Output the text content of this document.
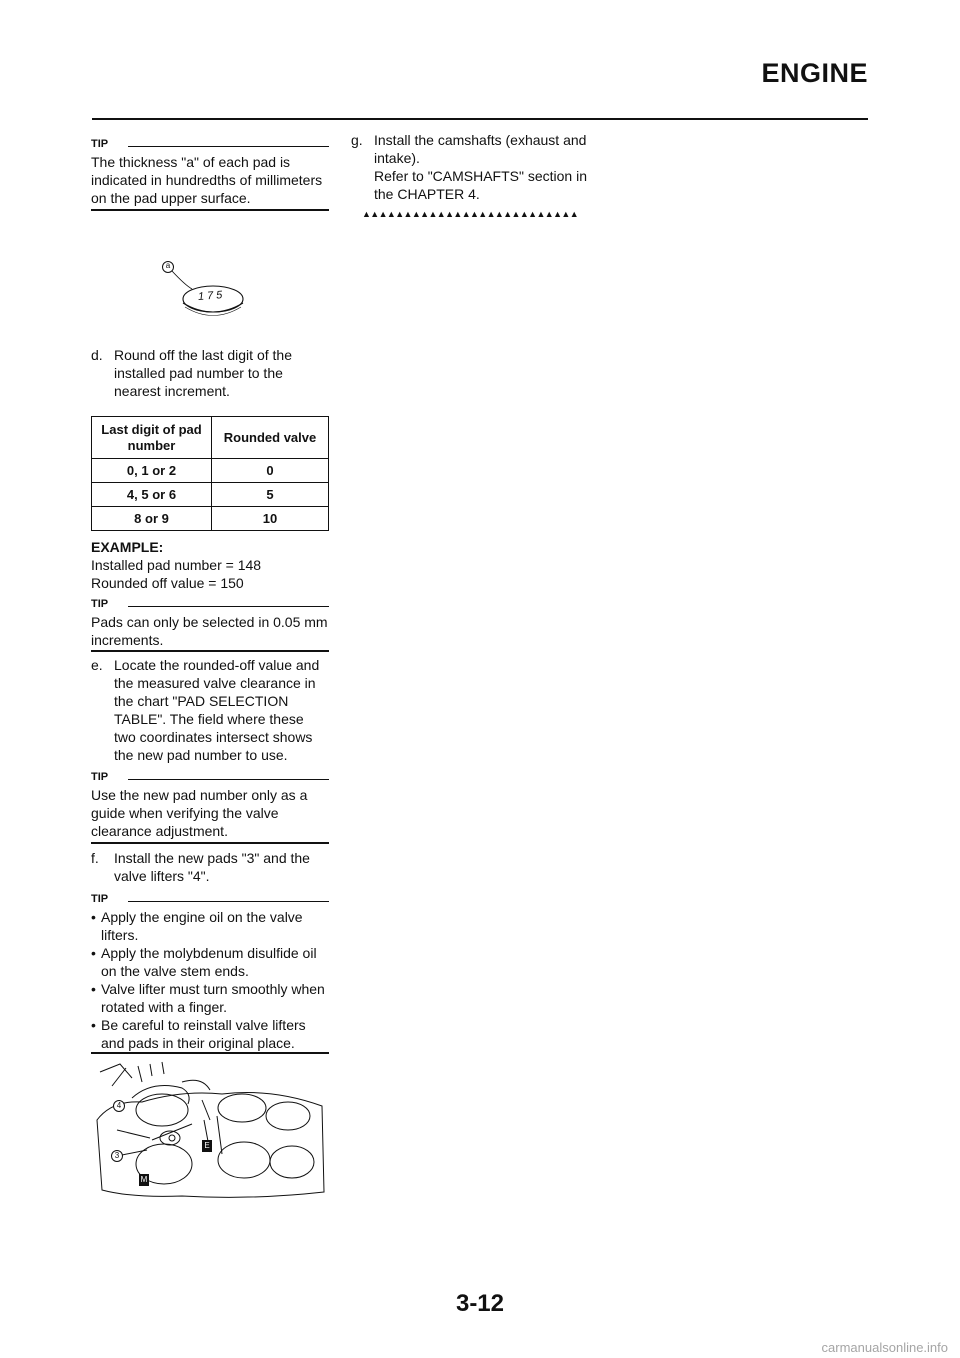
ENGINE
TIP
The thickness "a" of each pad is indicated in hundredths of millimeters on the pad upper surface.
a
175
d. Round off the last digit of the installed pad number to the nearest increment.
Last digit of pad number	Rounded valve
0, 1 or 2	0
4, 5 or 6	5
8 or 9	10
EXAMPLE:
Installed pad number = 148
Rounded off value = 150
TIP
Pads can only be selected in 0.05 mm increments.
e. Locate the rounded-off value and the measured valve clearance in the chart "PAD SELECTION TABLE". The field where these two coordinates intersect shows the new pad number to use.
TIP
Use the new pad number only as a guide when verifying the valve clearance adjustment.
f.	Install the new pads "3" and the valve lifters "4".
TIP
• Apply the engine oil on the valve lifters.
• Apply the molybdenum disulfide oil on the valve stem ends.
• Valve lifter must turn smoothly when rotated with a finger.
• Be careful to reinstall valve lifters and pads in their original place.
4
3
E
M
g. Install the camshafts (exhaust and intake).
Refer to "CAMSHAFTS" section in the CHAPTER 4.
▲▲▲▲▲▲▲▲▲▲▲▲▲▲▲▲▲▲▲▲▲▲▲▲▲▲
3-12
carmanualsonline.info
